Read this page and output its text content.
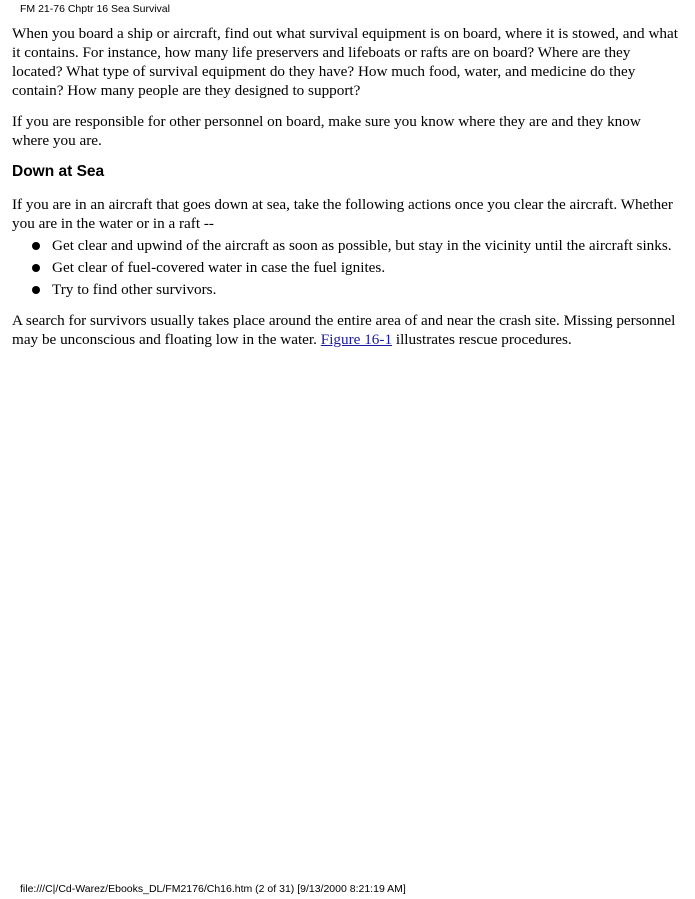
FM 21-76 Chptr 16 Sea Survival

When you board a ship or aircraft, find out what survival equipment is on board, where it is stowed, and what it contains. For instance, how many life preservers and lifeboats or rafts are on board? Where are they located? What type of survival equipment do they have? How much food, water, and medicine do they contain? How many people are they designed to support?

If you are responsible for other personnel on board, make sure you know where they are and they know where you are.

Down at Sea

If you are in an aircraft that goes down at sea, take the following actions once you clear the aircraft. Whether you are in the water or in a raft --

Get clear and upwind of the aircraft as soon as possible, but stay in the vicinity until the aircraft sinks.
Get clear of fuel-covered water in case the fuel ignites.
Try to find other survivors.

A search for survivors usually takes place around the entire area of and near the crash site. Missing personnel may be unconscious and floating low in the water. Figure 16-1 illustrates rescue procedures.

file:///C|/Cd-Warez/Ebooks_DL/FM2176/Ch16.htm (2 of 31) [9/13/2000 8:21:19 AM]
